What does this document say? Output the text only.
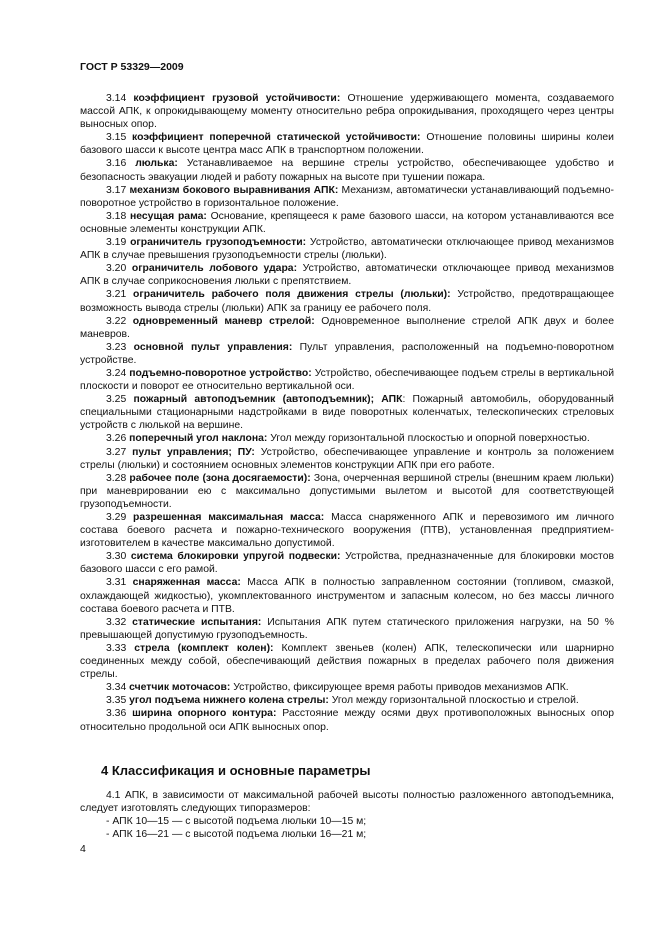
ГОСТ Р 53329—2009

3.14 коэффициент грузовой устойчивости: Отношение удерживающего момента, создаваемого массой АПК, к опрокидывающему моменту относительно ребра опрокидывания, проходящего через центры выносных опор.

3.15 коэффициент поперечной статической устойчивости: Отношение половины ширины колеи базового шасси к высоте центра масс АПК в транспортном положении.

3.16 люлька: Устанавливаемое на вершине стрелы устройство, обеспечивающее удобство и безопасность эвакуации людей и работу пожарных на высоте при тушении пожара.

3.17 механизм бокового выравнивания АПК: Механизм, автоматически устанавливающий подъемно-поворотное устройство в горизонтальное положение.

3.18 несущая рама: Основание, крепящееся к раме базового шасси, на котором устанавливаются все основные элементы конструкции АПК.

3.19 ограничитель грузоподъемности: Устройство, автоматически отключающее привод механизмов АПК в случае превышения грузоподъемности стрелы (люльки).

3.20 ограничитель лобового удара: Устройство, автоматически отключающее привод механизмов АПК в случае соприкосновения люльки с препятствием.

3.21 ограничитель рабочего поля движения стрелы (люльки): Устройство, предотвращающее возможность вывода стрелы (люльки) АПК за границу ее рабочего поля.

3.22 одновременный маневр стрелой: Одновременное выполнение стрелой АПК двух и более маневров.

3.23 основной пульт управления: Пульт управления, расположенный на подъемно-поворотном устройстве.

3.24 подъемно-поворотное устройство: Устройство, обеспечивающее подъем стрелы в вертикальной плоскости и поворот ее относительно вертикальной оси.

3.25 пожарный автоподъемник (автоподъемник); АПК: Пожарный автомобиль, оборудованный специальными стационарными надстройками в виде поворотных коленчатых, телескопических стреловых устройств с люлькой на вершине.

3.26 поперечный угол наклона: Угол между горизонтальной плоскостью и опорной поверхностью.

3.27 пульт управления; ПУ: Устройство, обеспечивающее управление и контроль за положением стрелы (люльки) и состоянием основных элементов конструкции АПК при его работе.

3.28 рабочее поле (зона досягаемости): Зона, очерченная вершиной стрелы (внешним краем люльки) при маневрировании ею с максимально допустимыми вылетом и высотой для соответствующей грузоподъемности.

3.29 разрешенная максимальная масса: Масса снаряженного АПК и перевозимого им личного состава боевого расчета и пожарно-технического вооружения (ПТВ), установленная предприятием-изготовителем в качестве максимально допустимой.

3.30 система блокировки упругой подвески: Устройства, предназначенные для блокировки мостов базового шасси с его рамой.

3.31 снаряженная масса: Масса АПК в полностью заправленном состоянии (топливом, смазкой, охлаждающей жидкостью), укомплектованного инструментом и запасным колесом, но без массы личного состава боевого расчета и ПТВ.

3.32 статические испытания: Испытания АПК путем статического приложения нагрузки, на 50 % превышающей допустимую грузоподъемность.

3.33 стрела (комплект колен): Комплект звеньев (колен) АПК, телескопически или шарнирно соединенных между собой, обеспечивающий действия пожарных в пределах рабочего поля движения стрелы.

3.34 счетчик моточасов: Устройство, фиксирующее время работы приводов механизмов АПК.

3.35 угол подъема нижнего колена стрелы: Угол между горизонтальной плоскостью и стрелой.

3.36 ширина опорного контура: Расстояние между осями двух противоположных выносных опор относительно продольной оси АПК выносных опор.

4 Классификация и основные параметры

4.1 АПК, в зависимости от максимальной рабочей высоты полностью разложенного автоподъемника, следует изготовлять следующих типоразмеров:

- АПК 10—15 — с высотой подъема люльки 10—15 м;

- АПК 16—21 — с высотой подъема люльки 16—21 м;

4
